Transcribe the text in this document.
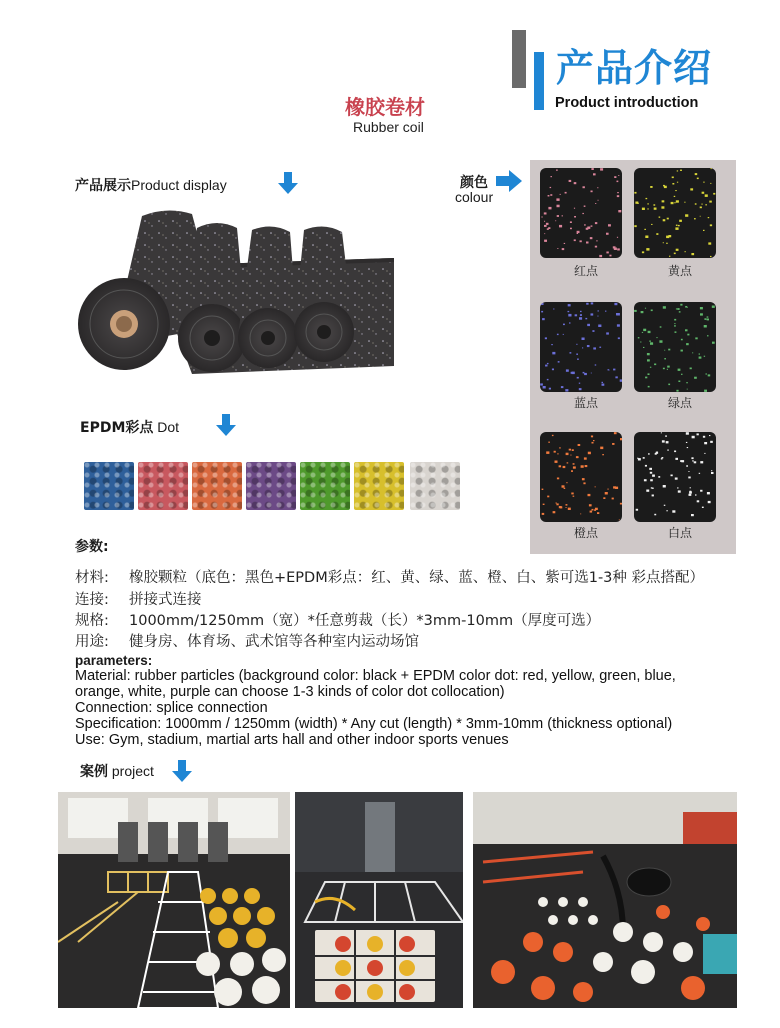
产品介绍
Product introduction
橡胶卷材
Rubber coil
产品展示Product display
EPDM彩点 Dot
颜色
colour
红点	黄点
蓝点	绿点
橙点	白点
参数:
材料: 橡胶颗粒（底色：黑色+EPDM彩点：红、黄、绿、蓝、橙、白、紫可选1-3种 彩点搭配）
连接: 拼接式连接
规格: 1000mm/1250mm（宽）*任意剪裁（长）*3mm-10mm（厚度可选）
用途: 健身房、体育场、武术馆等各种室内运动场馆
parameters:
Material: rubber particles (background color: black + EPDM color dot: red, yellow, green, blue,
orange, white, purple can choose 1-3 kinds of color dot collocation)
Connection: splice connection
Specification: 1000mm / 1250mm (width) * Any cut (length) * 3mm-10mm (thickness optional)
Use: Gym, stadium, martial arts hall and other indoor sports venues
案例 project
